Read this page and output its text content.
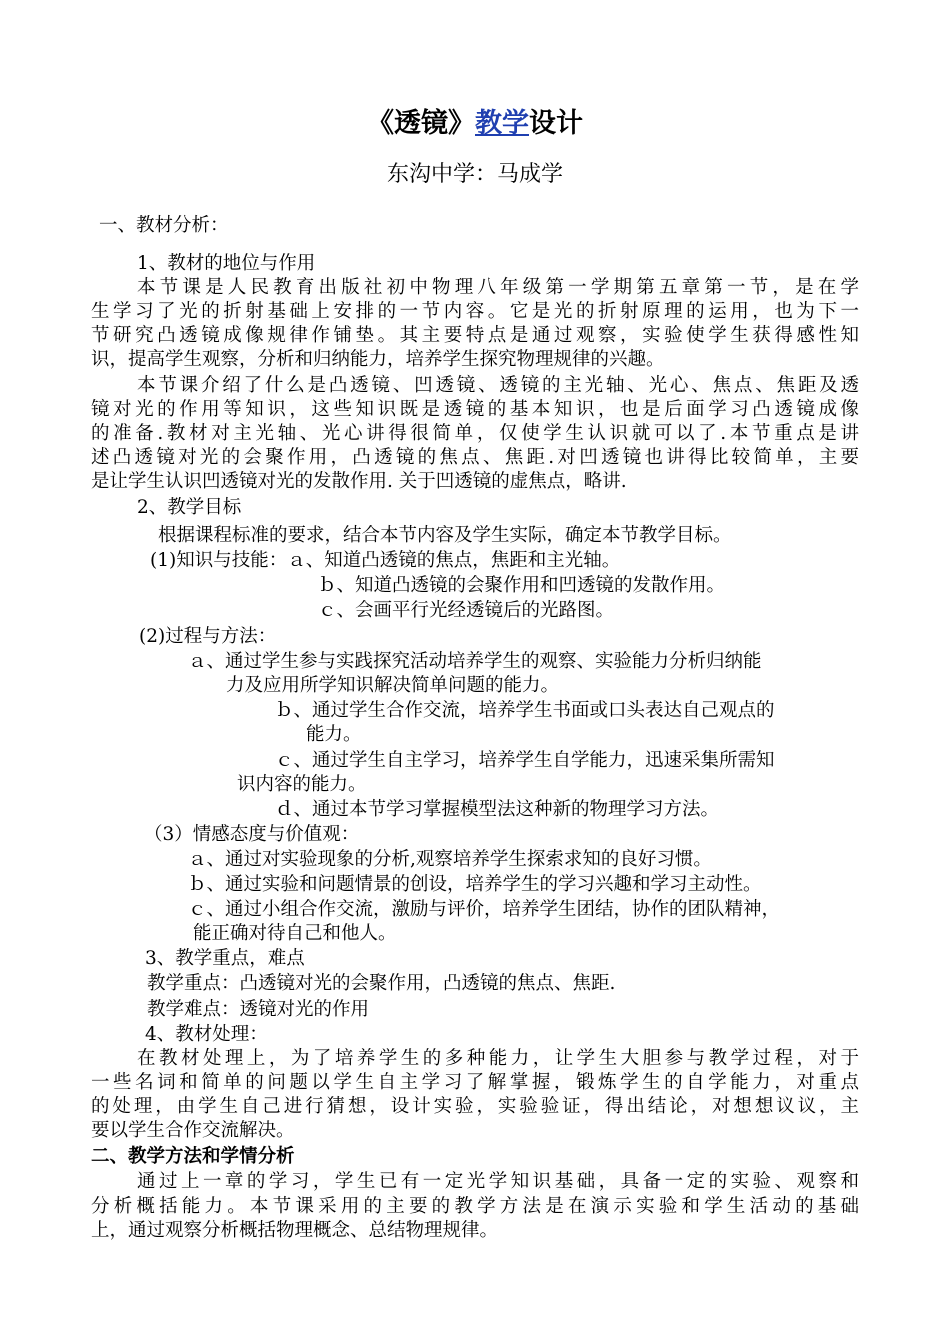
《透镜》教学设计
东沟中学：马成学
一、教材分析：
1、教材的地位与作用
本节课是人民教育出版社初中物理八年级第一学期第五章第一节，是在学
生学习了光的折射基础上安排的一节内容。它是光的折射原理的运用，也为下一
节研究凸透镜成像规律作铺垫。其主要特点是通过观察，实验使学生获得感性知
识，提高学生观察，分析和归纳能力，培养学生探究物理规律的兴趣。
本节课介绍了什么是凸透镜、凹透镜、透镜的主光轴、光心、焦点、焦距及透
镜对光的作用等知识，这些知识既是透镜的基本知识，也是后面学习凸透镜成像
的准备.教材对主光轴、光心讲得很简单，仅使学生认识就可以了.本节重点是讲
述凸透镜对光的会聚作用，凸透镜的焦点、焦距.对凹透镜也讲得比较简单，主要
是让学生认识凹透镜对光的发散作用. 关于凹透镜的虚焦点，略讲.
2、教学目标
根据课程标准的要求，结合本节内容及学生实际，确定本节教学目标。
(1)知识与技能：ａ、知道凸透镜的焦点，焦距和主光轴。
ｂ、知道凸透镜的会聚作用和凹透镜的发散作用。
ｃ、会画平行光经透镜后的光路图。
(2)过程与方法：
ａ、通过学生参与实践探究活动培养学生的观察、实验能力分析归纳能
力及应用所学知识解决简单问题的能力。
ｂ、通过学生合作交流，培养学生书面或口头表达自己观点的
能力。
ｃ、通过学生自主学习，培养学生自学能力，迅速采集所需知
识内容的能力。
ｄ、通过本节学习掌握模型法这种新的物理学习方法。
（3）情感态度与价值观：
ａ、通过对实验现象的分析,观察培养学生探索求知的良好习惯。
ｂ、通过实验和问题情景的创设，培养学生的学习兴趣和学习主动性。
ｃ、通过小组合作交流，激励与评价，培养学生团结，协作的团队精神，
能正确对待自己和他人。
3、教学重点，难点
教学重点：凸透镜对光的会聚作用，凸透镜的焦点、焦距.
教学难点：透镜对光的作用
4、教材处理：
在教材处理上，为了培养学生的多种能力，让学生大胆参与教学过程，对于
一些名词和简单的问题以学生自主学习了解掌握，锻炼学生的自学能力，对重点
的处理，由学生自己进行猜想，设计实验，实验验证，得出结论，对想想议议，主
要以学生合作交流解决。
二、教学方法和学情分析
通过上一章的学习，学生已有一定光学知识基础，具备一定的实验、观察和
分析概括能力。本节课采用的主要的教学方法是在演示实验和学生活动的基础
上，通过观察分析概括物理概念、总结物理规律。
